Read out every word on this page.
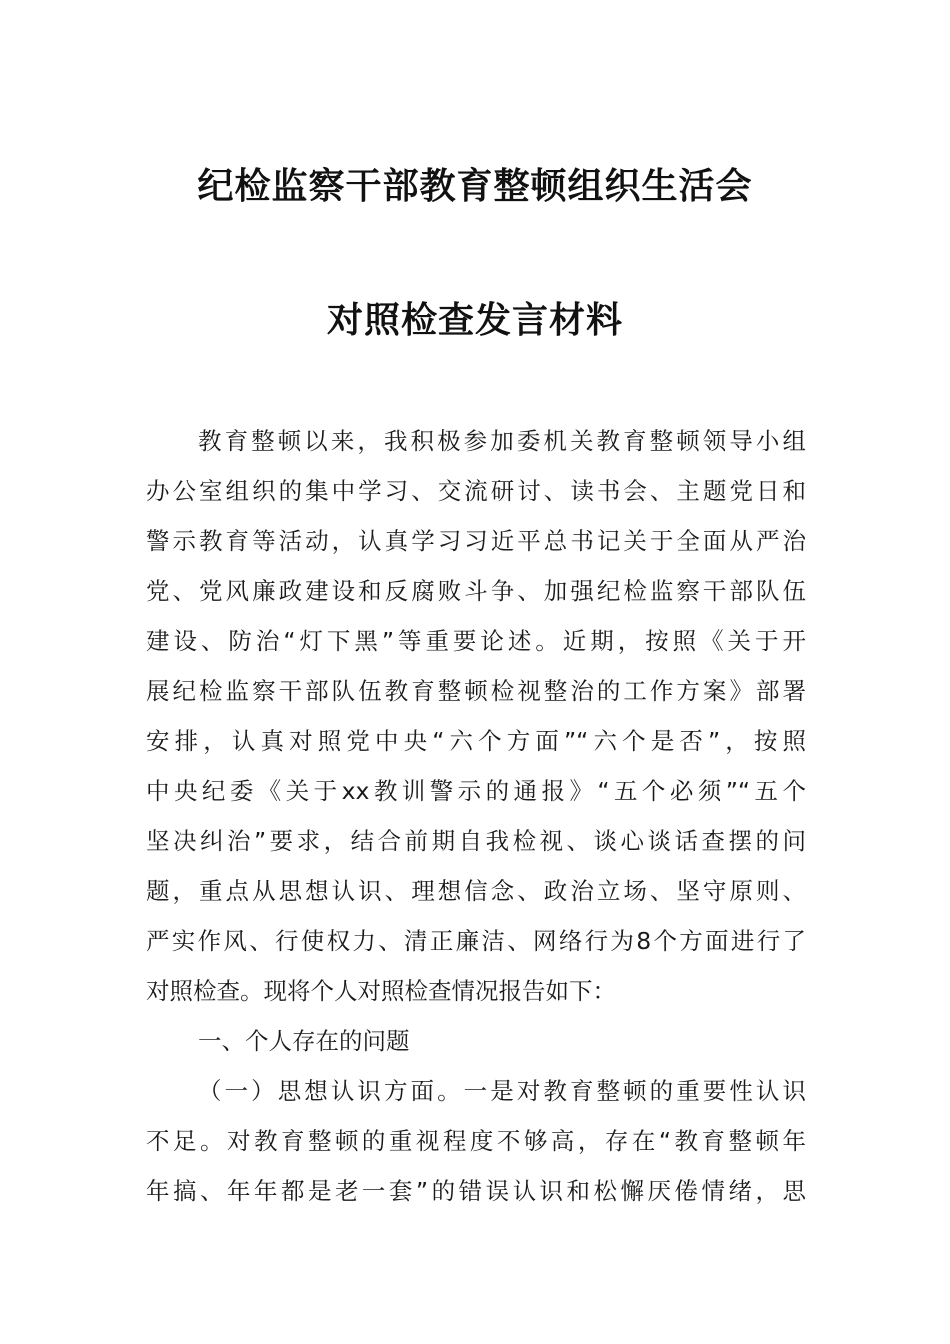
纪检监察干部教育整顿组织生活会
对照检查发言材料
教育整顿以来，我积极参加委机关教育整顿领导小组
办公室组织的集中学习、交流研讨、读书会、主题党日和
警示教育等活动，认真学习习近平总书记关于全面从严治
党、党风廉政建设和反腐败斗争、加强纪检监察干部队伍
建设、防治“灯下黑”等重要论述。近期，按照《关于开
展纪检监察干部队伍教育整顿检视整治的工作方案》部署
安排，认真对照党中央“六个方面”“六个是否”，按照
中央纪委《关于xx教训警示的通报》“五个必须”“五个
坚决纠治”要求，结合前期自我检视、谈心谈话查摆的问
题，重点从思想认识、理想信念、政治立场、坚守原则、
严实作风、行使权力、清正廉洁、网络行为8个方面进行了
对照检查。现将个人对照检查情况报告如下：
一、个人存在的问题
（一）思想认识方面。一是对教育整顿的重要性认识
不足。对教育整顿的重视程度不够高，存在“教育整顿年
年搞、年年都是老一套”的错误认识和松懈厌倦情绪，思
